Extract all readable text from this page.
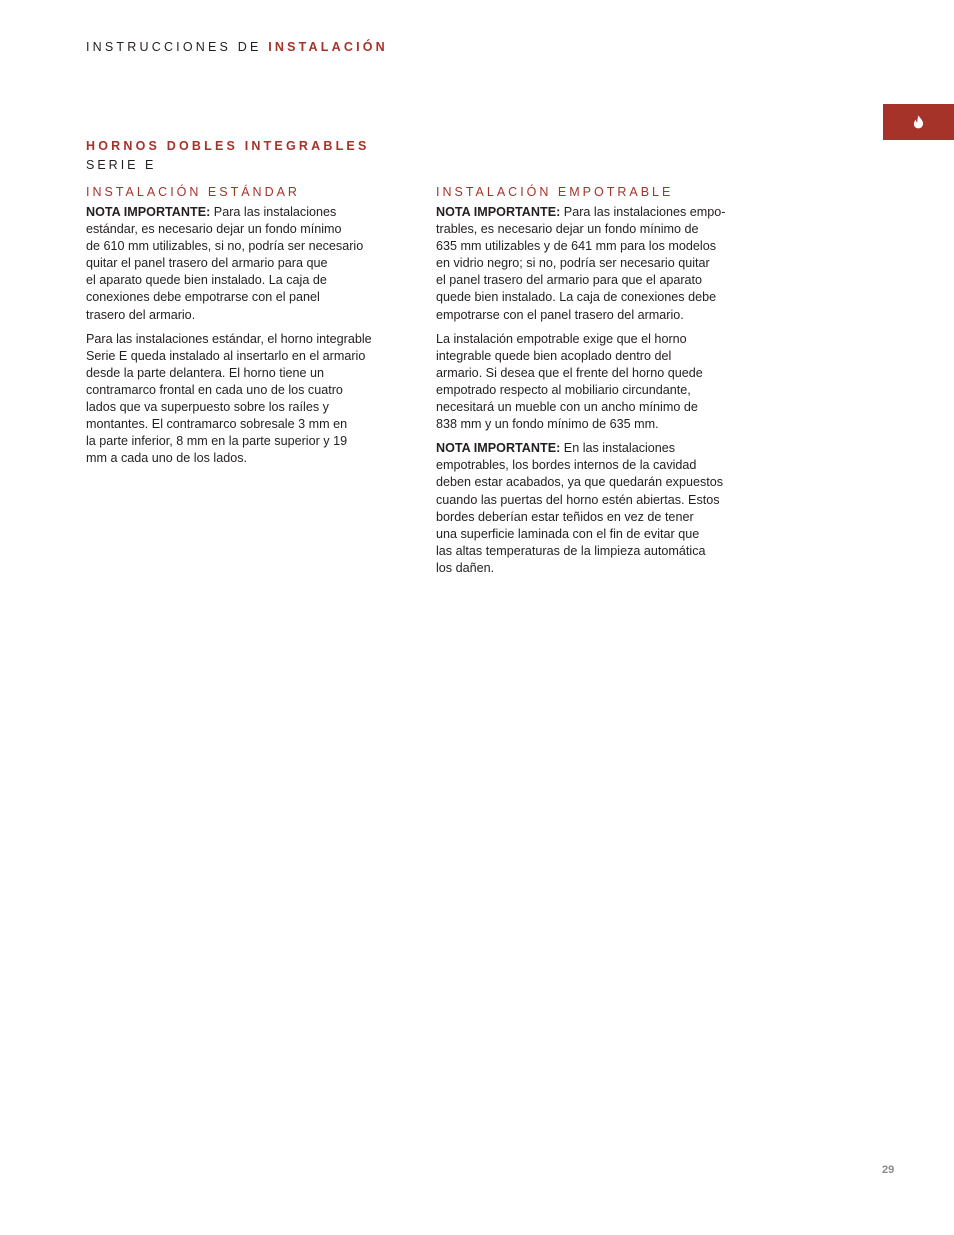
INSTRUCCIONES DE INSTALACIÓN
HORNOS DOBLES INTEGRABLES
SERIE E
INSTALACIÓN ESTÁNDAR

NOTA IMPORTANTE: Para las instalaciones
estándar, es necesario dejar un fondo mínimo
de 610 mm utilizables, si no, podría ser necesario
quitar el panel trasero del armario para que
el aparato quede bien instalado. La caja de
conexiones debe empotrarse con el panel
trasero del armario.

Para las instalaciones estándar, el horno integrable
Serie E queda instalado al insertarlo en el armario
desde la parte delantera. El horno tiene un
contramarco frontal en cada uno de los cuatro
lados que va superpuesto sobre los raíles y
montantes. El contramarco sobresale 3 mm en
la parte inferior, 8 mm en la parte superior y 19
mm a cada uno de los lados.

INSTALACIÓN EMPOTRABLE

NOTA IMPORTANTE: Para las instalaciones empo-
trables, es necesario dejar un fondo mínimo de
635 mm utilizables y de 641 mm para los modelos
en vidrio negro; si no, podría ser necesario quitar
el panel trasero del armario para que el aparato
quede bien instalado. La caja de conexiones debe
empotrarse con el panel trasero del armario.

La instalación empotrable exige que el horno
integrable quede bien acoplado dentro del
armario. Si desea que el frente del horno quede
empotrado respecto al mobiliario circundante,
necesitará un mueble con un ancho mínimo de
838 mm y un fondo mínimo de 635 mm.

NOTA IMPORTANTE: En las instalaciones
empotrables, los bordes internos de la cavidad
deben estar acabados, ya que quedarán expuestos
cuando las puertas del horno estén abiertas. Estos
bordes deberían estar teñidos en vez de tener
una superficie laminada con el fin de evitar que
las altas temperaturas de la limpieza automática
los dañen.

29
